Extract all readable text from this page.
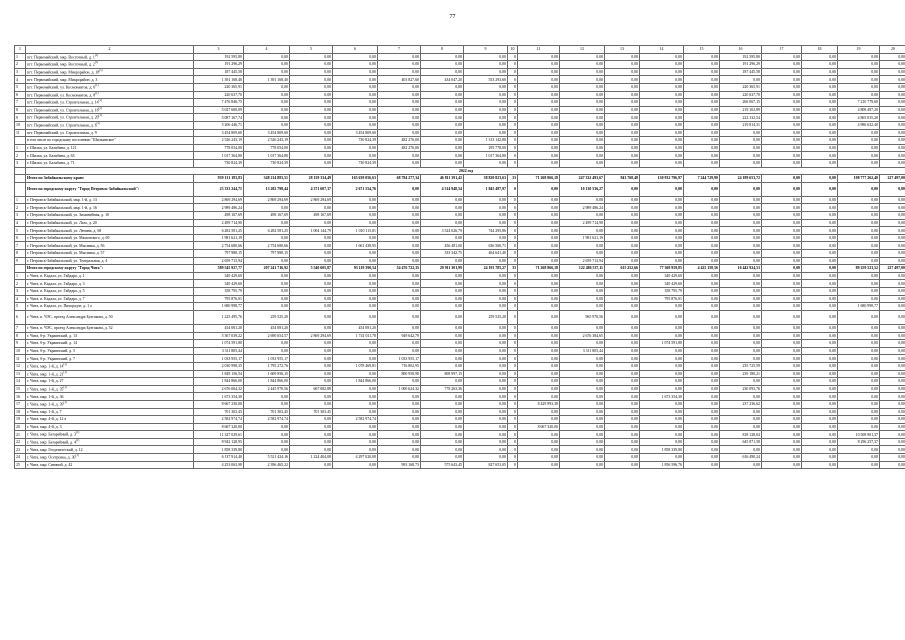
77
1	2	3	4	5	6	7	8	9	10	11	12	13	14	15	16	17	18	19	20
1	пгт. Первомайский, мкр. Восточный, д. 1$^{(1)}$	192 595,80	0,00	0,00	0,00	0,00	0,00	0,00	0	0,00	0,00	0,00	0,00	0,00	192 595,80	0,00	0,00	0,00	0,00
2	пгт. Первомайский, мкр. Восточный, д. 2$^{(1)}$	191 296,29	0,00	0,00	0,00	0,00	0,00	0,00	0	0,00	0,00	0,00	0,00	0,00	191 296,29	0,00	0,00	0,00	0,00
3	пгт. Первомайский, мкр. Микрорайон, д. 18$^{(1)}$	187 445,58	0,00	0,00	0,00	0,00	0,00	0,00	0	0,00	0,00	0,00	0,00	0,00	187 445,58	0,00	0,00	0,00	0,00
4	пгт. Первомайский, мкр. Микрорайон, д. 3	1 391 168,40	1 391 168,40	0,00	0,00	403 827,60	434 047,20	553 293,60	0	0,00	0,00	0,00	0,00	0,00	0,00	0,00	0,00	0,00	0,00
5	пгт. Первомайский, ул. Космонавтов, д. 6$^{(1)}$	220 365,91	0,00	0,00	0,00	0,00	0,00	0,00	0	0,00	0,00	0,00	0,00	0,00	220 365,91	0,00	0,00	0,00	0,00
6	пгт. Первомайский, ул. Космонавтов, д. 8$^{(1)}$	220 637,70	0,00	0,00	0,00	0,00	0,00	0,00	0	0,00	0,00	0,00	0,00	0,00	220 637,70	0,00	0,00	0,00	0,00
7	пгт. Первомайский, ул. Строительная, д. 14$^{(1)}$	7 476 846,75	0,00	0,00	0,00	0,00	0,00	0,00	0	0,00	0,00	0,00	0,00	0,00	266 067,15	0,00	0,00	7 210 779,60	0,00
8	пгт. Первомайский, ул. Строительная, д. 18$^{(1)}$	5 027 600,09	0,00	0,00	0,00	0,00	0,00	0,00	0	0,00	0,00	0,00	0,00	0,00	219 102,89	0,00	0,00	4 808 497,20	0,00
9	пгт. Первомайский, ул. Строительная, д. 20$^{(1)}$	5 087 167,74	0,00	0,00	0,00	0,00	0,00	0,00	0	0,00	0,00	0,00	0,00	0,00	222 132,54	0,00	0,00	4 865 035,20	0,00
10	пгт. Первомайский, ул. Строительная, д. 6$^{(1)}$	5 206 446,71	0,00	0,00	0,00	0,00	0,00	0,00	0	0,00	0,00	0,00	0,00	0,00	219 814,31	0,00	0,00	4 986 632,40	0,00
11	пгт. Первомайский, ул. Строительная, д. 9	3 454 809,60	3 454 809,60	0,00	3 454 809,60	0,00	0,00	0,00	0	0,00	0,00	0,00	0,00	0,00	0,00	0,00	0,00	0,00	0,00
	в том числе по городскому поселению "Шилкинское"	2 526 243,19	2 526 243,19	0,00	730 824,39	482 276,00	0,00	1 313 142,80	0	0,00	0,00	0,00	0,00	0,00	0,00	0,00	0,00	0,00	0,00
1	г. Шилка, ул. Балябина, д. 121	778 054,00	778 054,00	0,00	0,00	482 276,00	0,00	295 778,00	0	0,00	0,00	0,00	0,00	0,00	0,00	0,00	0,00	0,00	0,00
2	г. Шилка, ул. Балябина, д. 65	1 017 364,80	1 017 364,80	0,00	0,00	0,00	0,00	1 017 364,80	0	0,00	0,00	0,00	0,00	0,00	0,00	0,00	0,00	0,00	0,00
3	г. Шилка, ул. Балябина, д. 71	730 824,39	730 824,39	0,00	730 824,39	0,00	0,00	0,00	0	0,00	0,00	0,00	0,00	0,00	0,00	0,00	0,00	0,00	0,00
	2022 год																		
	Итого по Забайкальскому краю:	939 131 183,83	348 214 883,51	28 159 334,49	165 639 056,63	68 784 277,34	46 811 391,42	38 820 823,63	33	71 268 866,18	247 332 493,67	943 768,48	130 932 796,97	7 244 729,90	24 189 653,72	0,00	0,00	108 777 262,40	227 497,00
	Итого по городскому округу "Город Петровск-Забайкальский":	23 333 244,71	13 202 798,44	4 371 607,37	2 671 554,76	0,00	4 314 948,54	1 845 497,97	0	0,00	10 130 536,27	0,00	0,00	0,00	0,00	0,00	0,00	0,00	0,00
1	г. Петровск-Забайкальский, мкр. 1-й, д. 13	2 869 294,69	2 869 294,69	2 869 294,69	0,00	0,00	0,00	0,00	0	0,00	0,00	0,00	0,00	0,00	0,00	0,00	0,00	0,00	0,00
2	г. Петровск-Забайкальский, мкр. 1-й, д. 16	2 989 486,24	0,00	0,00	0,00	0,00	0,00	0,00	0	0,00	2 989 486,24	0,00	0,00	0,00	0,00	0,00	0,00	0,00	0,00
3	г. Петровск-Забайкальский, ул. Зиминейная, д. 10	498 167,69	498 167,69	498 167,69	0,00	0,00	0,00	0,00	0	0,00	0,00	0,00	0,00	0,00	0,00	0,00	0,00	0,00	0,00
4	г. Петровск-Забайкальский, ул. Лазо, д. 20	2 499 714,90	0,00	0,00	0,00	0,00	0,00	0,00	0	0,00	2 499 714,90	0,00	0,00	0,00	0,00	0,00	0,00	0,00	0,00
5	г. Петровск-Забайкальский, ул. Ленина, д. 68	6 282 581,25	6 282 581,25	1 004 144,79	1 010 115,81	0,00	3 524 026,79	744 295,86	0	0,00	0,00	0,00	0,00	0,00	0,00	0,00	0,00	0,00	0,00
6	г. Петровск-Забайкальский, ул. Мамонского, д. 69	1 981 621,19	0,00	0,00	0,00	0,00	0,00	0,00	0	0,00	1 981 621,19	0,00	0,00	0,00	0,00	0,00	0,00	0,00	0,00
7	г. Петровск-Забайкальский, ул. Мысника, д. 56	2 754 680,66	2 754 680,66	0,00	1 661 438,95	0,00	456 481,00	636 560,71	0	0,00	0,00	0,00	0,00	0,00	0,00	0,00	0,00	0,00	0,00
8	г. Петровск-Забайкальский, ул. Мысника, д. 57	797 988,15	797 988,15	0,00	0,00	0,00	333 342,75	464 641,40	0	0,00	0,00	0,00	0,00	0,00	0,00	0,00	0,00	0,00	0,00
9	г. Петровск-Забайкальский, ул. Театральная, д. 4	2 659 713,94	0,00	0,00	0,00	0,00	0,00	0,00	0	0,00	2 659 713,94	0,00	0,00	0,00	0,00	0,00	0,00	0,00	0,00
	Итого по городскому округу "Город Чита":	589 545 927,77	207 241 716,92	5 540 605,87	93 119 390,54	54 476 722,35	29 911 301,99	24 193 785,27	33	71 268 866,18	122 486 537,11	615 252,66	77 368 959,85	4 425 158,56	16 442 924,53	0,00	0,00	89 259 523,52	227 497,00
1	г. Чита, п. Кадала, ул. Гайдара, д. 1	349 429,60	0,00	0,00	0,00	0,00	0,00	0,00	0	0,00	0,00	0,00	349 429,60	0,00	0,00	0,00	0,00	0,00	0,00
2	г. Чита, п. Кадала, ул. Гайдара, д. 3	349 429,60	0,00	0,00	0,00	0,00	0,00	0,00	0	0,00	0,00	0,00	349 429,60	0,00	0,00	0,00	0,00	0,00	0,00
3	г. Чита, п. Кадала, ул. Гайдара, д. 5	358 795,79	0,00	0,00	0,00	0,00	0,00	0,00	0	0,00	0,00	0,00	358 795,79	0,00	0,00	0,00	0,00	0,00	0,00
4	г. Чита, п. Кадала, ул. Гайдара, д. 7	795 876,01	0,00	0,00	0,00	0,00	0,00	0,00	0	0,00	0,00	0,00	795 876,01	0,00	0,00	0,00	0,00	0,00	0,00
5	г. Чита, п. Кадала, ул. Пичорадзе, д. 1 а	1 680 998,77	0,00	0,00	0,00	0,00	0,00	0,00	0	0,00	0,00	0,00	0,00	0,00	0,00	0,00	0,00	1 680 998,77	0,00
6	г. Чита, п. ЧЭС, проезд Александра Булгакова, д. 50	1 225 495,76	259 525,20	0,00	0,00	0,00	0,00	259 525,20	0	0,00	965 970,56	0,00	0,00	0,00	0,00	0,00	0,00	0,00	0,00
7	г. Чита, п. ЧЭС, проезд Александра Булгакова, д. 52	454 081,20	454 081,20	0,00	454 081,20	0,00	0,00	0,00	0	0,00	0,00	0,00	0,00	0,00	0,00	0,00	0,00	0,00	0,00
8	г. Чита, б-р. Украинский, д. 13	5 367 039,22	2 690 654,57	2 869 294,69	1 741 011,78	949 642,79	0,00	0,00	0	0,00	2 676 384,65	0,00	0,00	0,00	0,00	0,00	0,00	0,00	0,00
9	г. Чита, б-р. Украинский, д. 14	1 074 591,80	0,00	0,00	0,00	0,00	0,00	0,00	0	0,00	0,00	0,00	1 074 591,80	0,00	0,00	0,00	0,00	0,00	0,00
10	г. Чита, б-р. Украинский, д. 5	3 311 805,44	0,00	0,00	0,00	0,00	0,00	0,00	0	0,00	3 311 805,44	0,00	0,00	0,00	0,00	0,00	0,00	0,00	0,00
11	г. Чита, б-р. Украинский, д. 7	1 033 955,17	1 033 955,17	0,00	0,00	1 033 955,17	0,00	0,00	0	0,00	0,00	0,00	0,00	0,00	0,00	0,00	0,00	0,00	0,00
12	г. Чита, мкр. 1-й, д. 14$^{(1)}$	2 030 998,35	1 795 272,76	0,00	1 078 469,81	716 802,95	0,00	0,00	0	0,00	0,00	0,00	0,00	0,00	235 725,59	0,00	0,00	0,00	0,00
13	г. Чита, мкр. 1-й, д. 21$^{(1)}$	1 849 156,54	1 609 956,15	0,00	0,00	800 958,98	808 997,15	0,00	0	0,00	0,00	0,00	0,00	0,00	239 180,21	0,00	0,00	0,00	0,00
14	г. Чита, мкр. 1-й, д. 27	1 844 866,00	1 844 866,00	0,00	1 844 866,00	0,00	0,00	0,00	0	0,00	0,00	0,00	0,00	0,00	0,00	0,00	0,00	0,00	0,00
15	г. Чита, мкр. 1-й, д. 35$^{(1)}$	2 676 064,32	2 445 970,56	667 082,88	0,00	1 000 624,32	778 263,36	0,00	0	0,00	0,00	0,00	0,00	0,00	230 093,76	0,00	0,00	0,00	0,00
16	г. Чита, мкр. 1-й, д. 36	1 673 354,30	0,00	0,00	0,00	0,00	0,00	0,00	0	0,00	0,00	0,00	1 673 354,30	0,00	0,00	0,00	0,00	0,00	0,00
17	г. Чита, мкр. 1-й, д. 39$^{(1)}$	8 667 230,00	0,00	0,00	0,00	0,00	0,00	0,00	0	8 429 993,38	0,00	0,00	0,00	0,00	237 236,62	0,00	0,00	0,00	0,00
18	г. Чита, мкр. 1-й, д. 7	701 303,45	701 303,45	701 303,45	0,00	0,00	0,00	0,00	0	0,00	0,00	0,00	0,00	0,00	0,00	0,00	0,00	0,00	0,00
19	г. Чита, мкр. 4-й, д. 12 а	2 582 974,74	2 582 974,74	0,00	2 582 974,74	0,00	0,00	0,00	0	0,00	0,00	0,00	0,00	0,00	0,00	0,00	0,00	0,00	0,00
20	г. Чита, мкр. 4-й, д. 3	8 667 320,00	0,00	0,00	0,00	0,00	0,00	0,00	0	8 667 320,00	0,00	0,00	0,00	0,00	0,00	0,00	0,00	0,00	0,00
21	г. Чита, мкр. Батарейный, д. 3$^{(1)}$	11 327 029,61	0,00	0,00	0,00	0,00	0,00	0,00	0	0,00	0,00	0,00	0,00	0,00	818 128,04	0,00	0,00	10 508 901,37	0,00
22	г. Чита, мкр. Батарейный, д. 4$^{(1)}$	8 942 128,95	0,00	0,00	0,00	0,00	0,00	0,00	0	0,00	0,00	0,00	0,00	0,00	645 871,58	0,00	0,00	8 296 257,37	0,00
23	г. Чита, мкр. Геодезический, д. 12	1 858 339,80	0,00	0,00	0,00	0,00	0,00	0,00	0	0,00	0,00	0,00	1 858 339,80	0,00	0,00	0,00	0,00	0,00	0,00
24	г. Чита, мкр. Осетровка, д. 30$^{(1)}$	6 137 914,40	5 521 424,16	1 224 404,08	4 297 020,08	0,00	0,00	0,00	0	0,00	0,00	0,00	0,00	0,00	616 490,24	0,00	0,00	0,00	0,00
25	г. Чита, мкр. Сивачий, д. 42	4 253 063,98	2 396 465,22	0,00	0,00	993 168,73	575 643,45	827 653,05	0	0,00	0,00	0,00	1 856 596,76	0,00	0,00	0,00	0,00	0,00	0,00
